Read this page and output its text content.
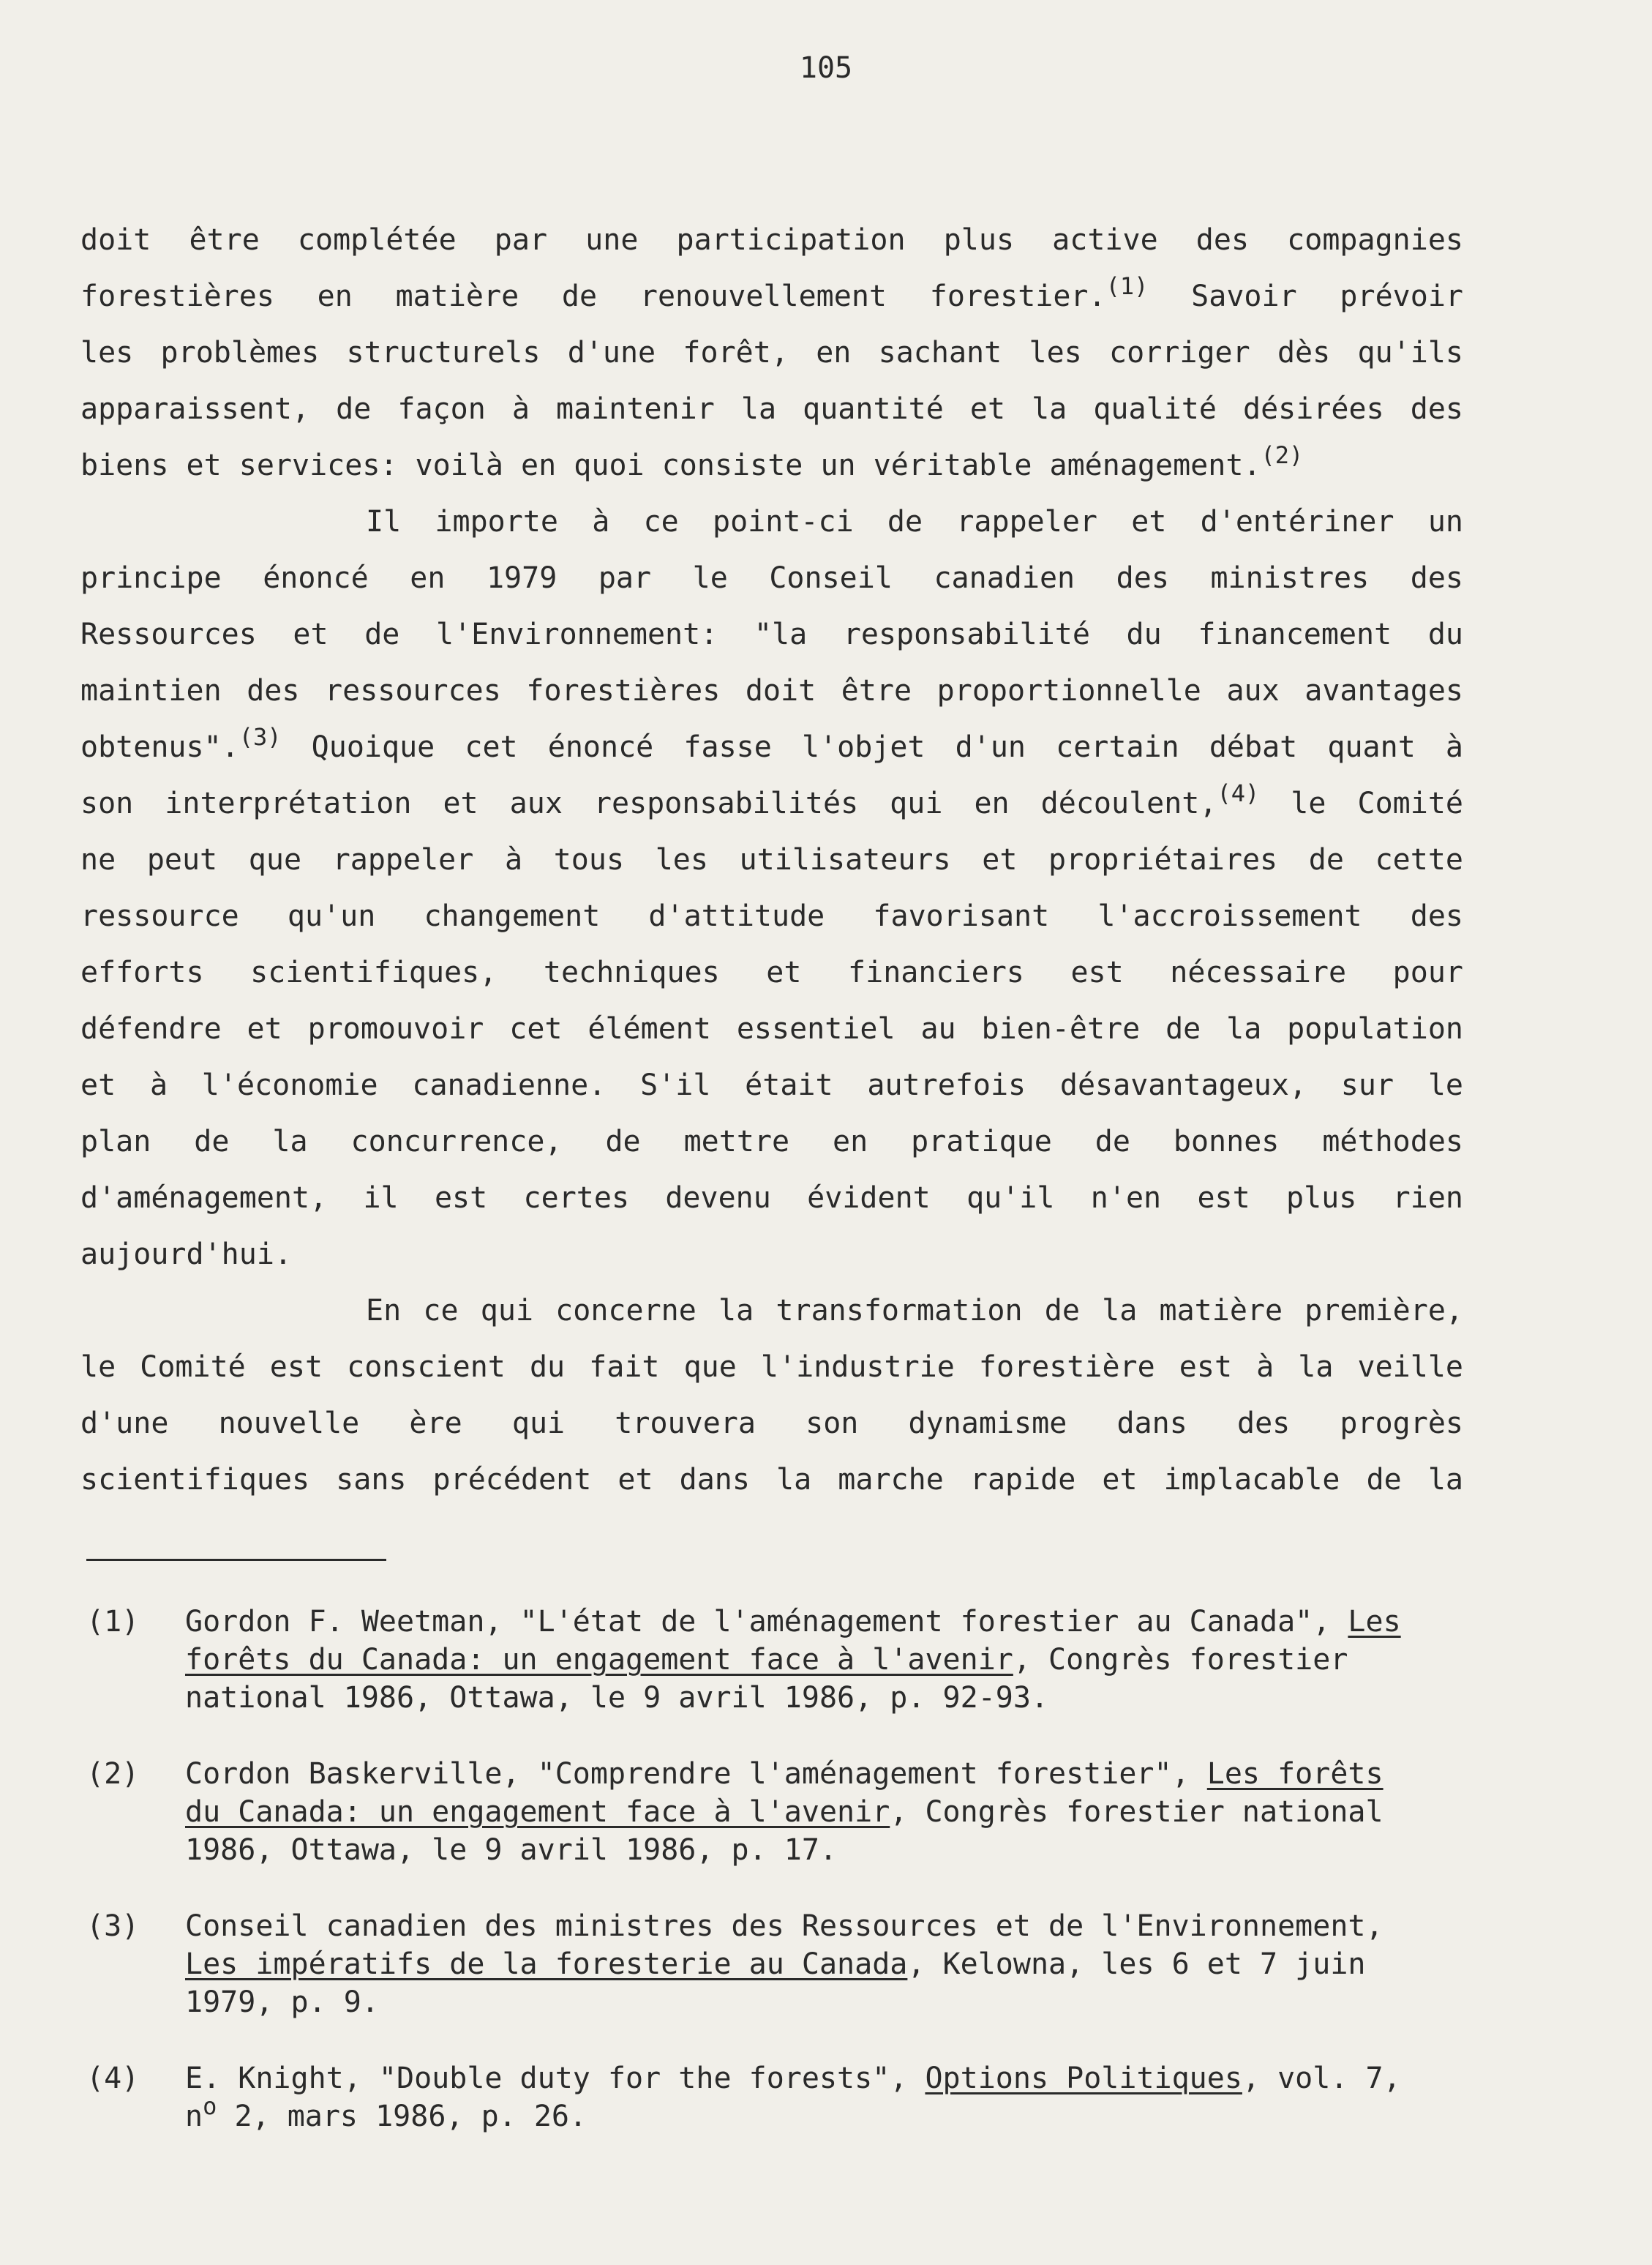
105
doit être complétée par une participation plus active des compagnies
forestières en matière de renouvellement forestier.$^{(1)}$ Savoir prévoir
les problèmes structurels d'une forêt, en sachant les corriger dès qu'ils
apparaissent, de façon à maintenir la quantité et la qualité désirées des
biens et services: voilà en quoi consiste un véritable aménagement.$^{(2)}$
Il importe à ce point-ci de rappeler et d'entériner un
principe énoncé en 1979 par le Conseil canadien des ministres des
Ressources et de l'Environnement: "la responsabilité du financement du
maintien des ressources forestières doit être proportionnelle aux avantages
obtenus".$^{(3)}$ Quoique cet énoncé fasse l'objet d'un certain débat quant à
son interprétation et aux responsabilités qui en découlent,$^{(4)}$ le Comité
ne peut que rappeler à tous les utilisateurs et propriétaires de cette
ressource qu'un changement d'attitude favorisant l'accroissement des
efforts scientifiques, techniques et financiers est nécessaire pour
défendre et promouvoir cet élément essentiel au bien-être de la population
et à l'économie canadienne. S'il était autrefois désavantageux, sur le
plan de la concurrence, de mettre en pratique de bonnes méthodes
d'aménagement, il est certes devenu évident qu'il n'en est plus rien
aujourd'hui.
En ce qui concerne la transformation de la matière première,
le Comité est conscient du fait que l'industrie forestière est à la veille
d'une nouvelle ère qui trouvera son dynamisme dans des progrès
scientifiques sans précédent et dans la marche rapide et implacable de la
(1) Gordon F. Weetman, "L'état de l'aménagement forestier au Canada", Les
forêts du Canada: un engagement face à l'avenir, Congrès forestier
national 1986, Ottawa, le 9 avril 1986, p. 92-93.
(2) Cordon Baskerville, "Comprendre l'aménagement forestier", Les forêts
du Canada: un engagement face à l'avenir, Congrès forestier national
1986, Ottawa, le 9 avril 1986, p. 17.
(3) Conseil canadien des ministres des Ressources et de l'Environnement,
Les impératifs de la foresterie au Canada, Kelowna, les 6 et 7 juin
1979, p. 9.
(4) E. Knight, "Double duty for the forests", Options Politiques, vol. 7,
$n^o$ 2, mars 1986, p. 26.
